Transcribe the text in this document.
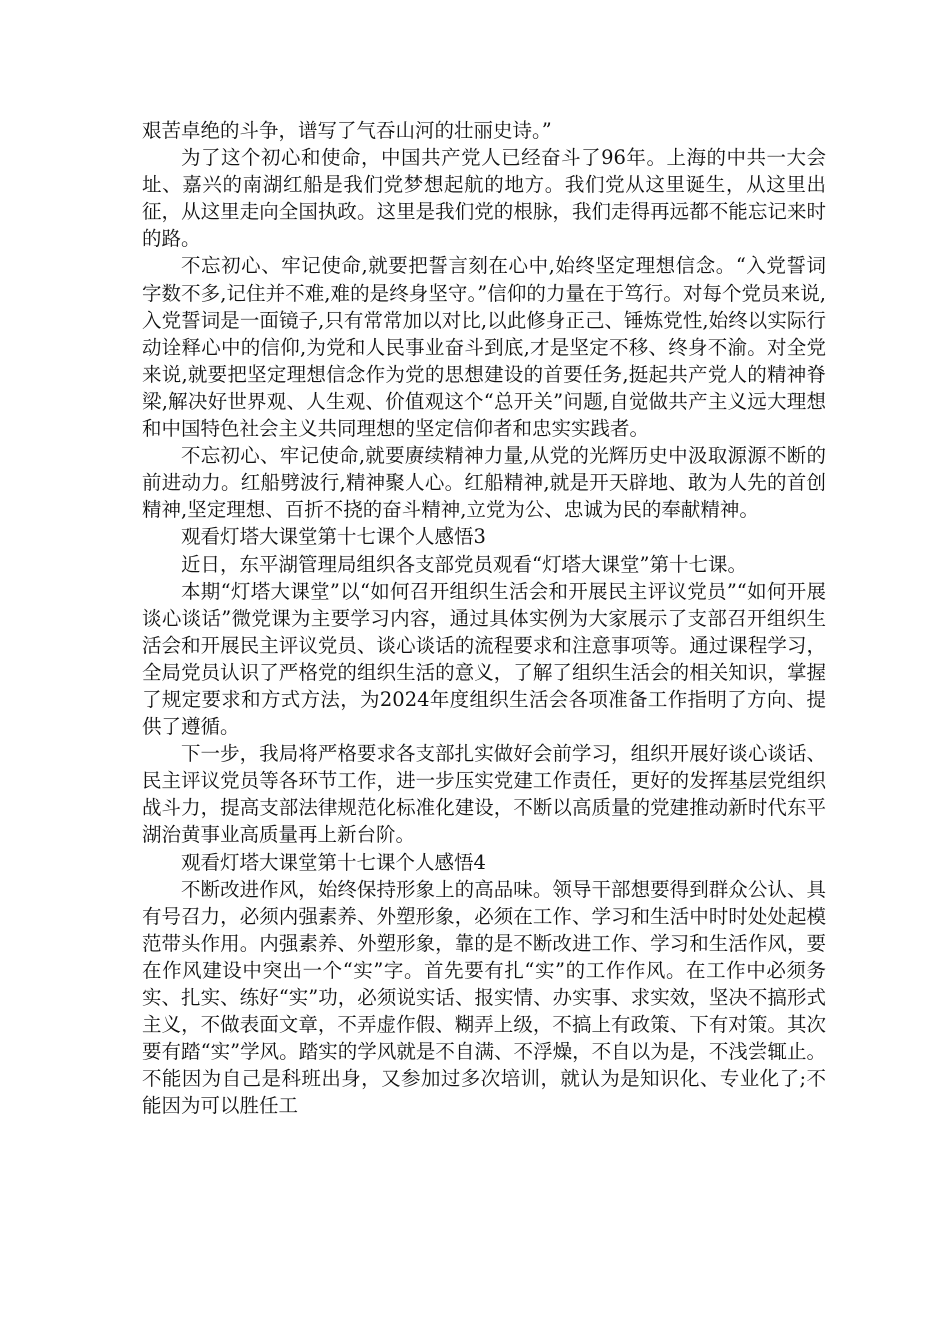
艰苦卓绝的斗争，谱写了气吞山河的壮丽史诗。”

为了这个初心和使命，中国共产党人已经奋斗了96年。上海的中共一大会址、嘉兴的南湖红船是我们党梦想起航的地方。我们党从这里诞生，从这里出征，从这里走向全国执政。这里是我们党的根脉，我们走得再远都不能忘记来时的路。

不忘初心、牢记使命,就要把誓言刻在心中,始终坚定理想信念。“入党誓词字数不多,记住并不难,难的是终身坚守。”信仰的力量在于笃行。对每个党员来说,入党誓词是一面镜子,只有常常加以对比,以此修身正己、锤炼党性,始终以实际行动诠释心中的信仰,为党和人民事业奋斗到底,才是坚定不移、终身不渝。对全党来说,就要把坚定理想信念作为党的思想建设的首要任务,挺起共产党人的精神脊梁,解决好世界观、人生观、价值观这个“总开关”问题,自觉做共产主义远大理想和中国特色社会主义共同理想的坚定信仰者和忠实实践者。

不忘初心、牢记使命,就要赓续精神力量,从党的光辉历史中汲取源源不断的前进动力。红船劈波行,精神聚人心。红船精神,就是开天辟地、敢为人先的首创精神,坚定理想、百折不挠的奋斗精神,立党为公、忠诚为民的奉献精神。

观看灯塔大课堂第十七课个人感悟3

近日，东平湖管理局组织各支部党员观看“灯塔大课堂”第十七课。

本期“灯塔大课堂”以“如何召开组织生活会和开展民主评议党员”“如何开展谈心谈话”微党课为主要学习内容，通过具体实例为大家展示了支部召开组织生活会和开展民主评议党员、谈心谈话的流程要求和注意事项等。通过课程学习，全局党员认识了严格党的组织生活的意义，了解了组织生活会的相关知识，掌握了规定要求和方式方法，为2024年度组织生活会各项准备工作指明了方向、提供了遵循。

下一步，我局将严格要求各支部扎实做好会前学习，组织开展好谈心谈话、民主评议党员等各环节工作，进一步压实党建工作责任，更好的发挥基层党组织战斗力，提高支部法律规范化标准化建设，不断以高质量的党建推动新时代东平湖治黄事业高质量再上新台阶。

观看灯塔大课堂第十七课个人感悟4

不断改进作风，始终保持形象上的高品味。领导干部想要得到群众公认、具有号召力，必须内强素养、外塑形象，必须在工作、学习和生活中时时处处起模范带头作用。内强素养、外塑形象，靠的是不断改进工作、学习和生活作风，要在作风建设中突出一个“实”字。首先要有扎“实”的工作作风。在工作中必须务实、扎实、练好“实”功，必须说实话、报实情、办实事、求实效，坚决不搞形式主义，不做表面文章，不弄虚作假、糊弄上级，不搞上有政策、下有对策。其次要有踏“实”学风。踏实的学风就是不自满、不浮燥，不自以为是，不浅尝辄止。不能因为自己是科班出身，又参加过多次培训，就认为是知识化、专业化了;不能因为可以胜任工
